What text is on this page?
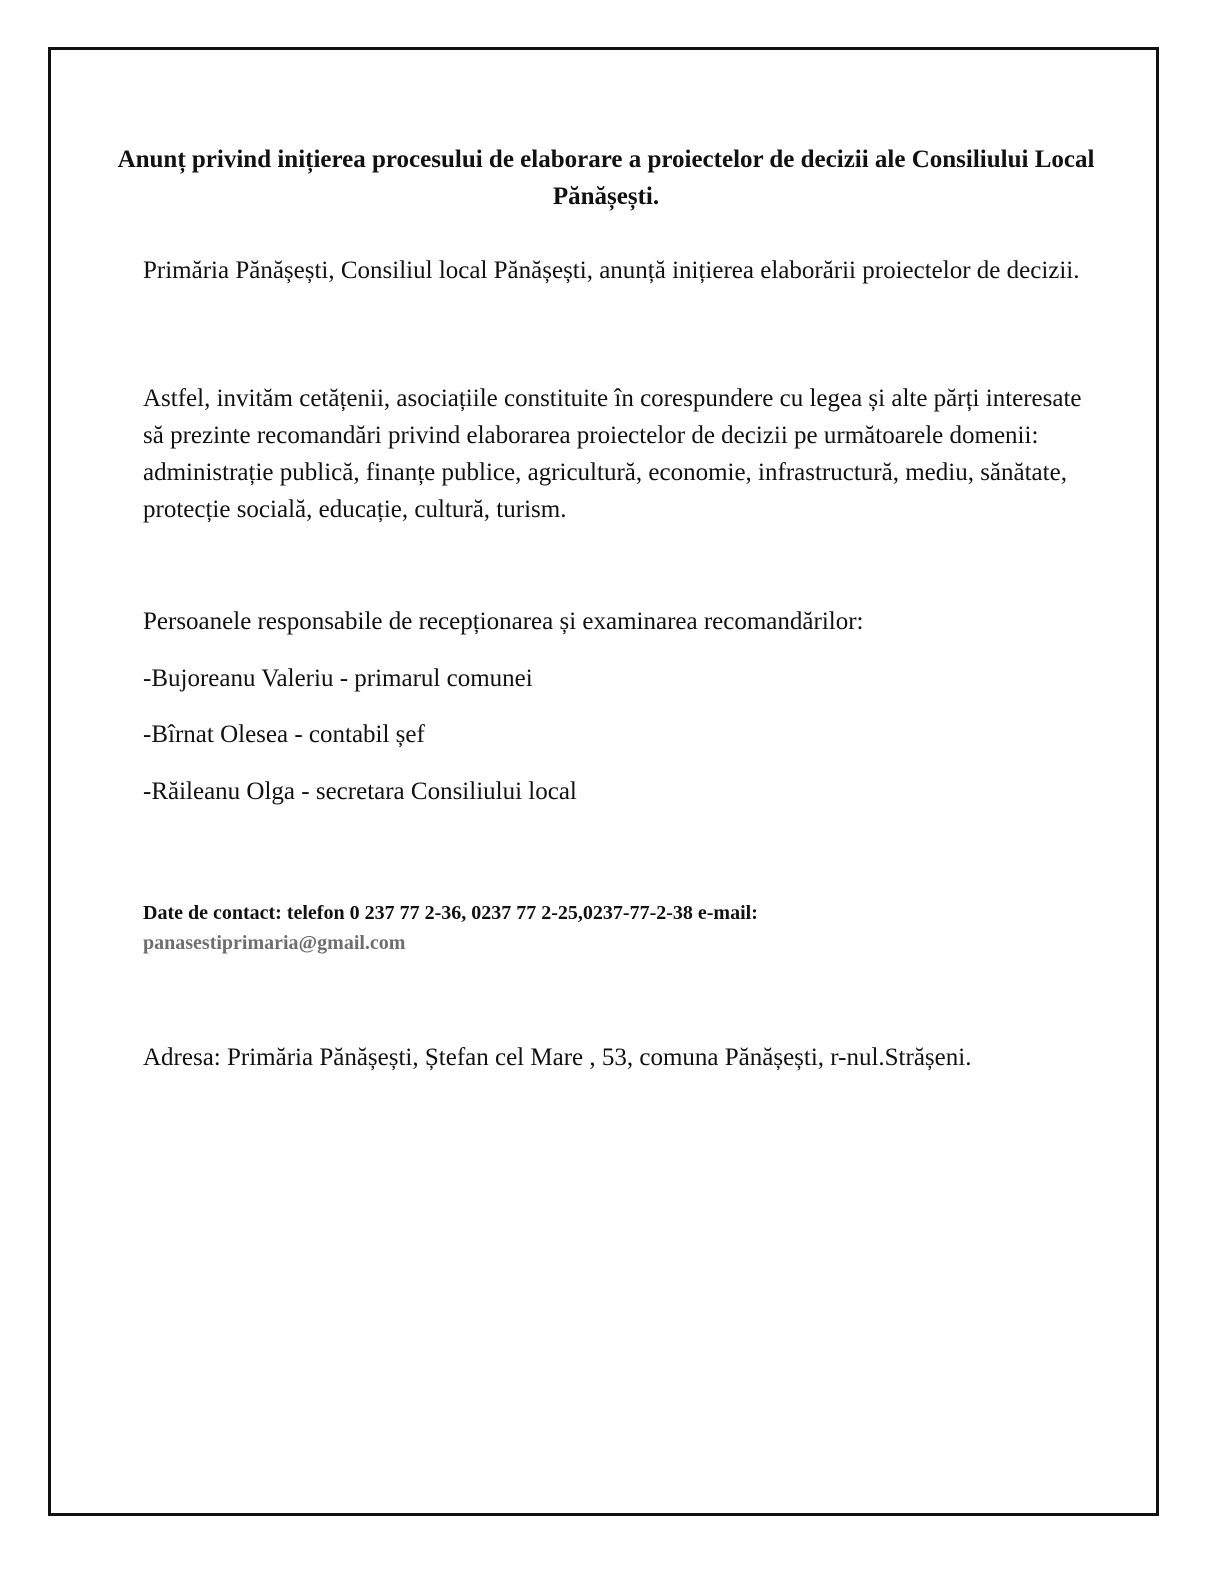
Anunț privind inițierea procesului de elaborare a proiectelor de decizii ale Consiliului Local Pănășești.

Primăria Pănășești, Consiliul local Pănășești, anunță inițierea elaborării proiectelor de decizii.

Astfel, invităm cetățenii, asociațiile constituite în corespundere cu legea și alte părți interesate să prezinte recomandări privind elaborarea proiectelor de decizii pe următoarele domenii: administrație publică, finanțe publice, agricultură, economie, infrastructură, mediu, sănătate, protecție socială, educație, cultură, turism.

Persoanele responsabile de recepționarea și examinarea recomandărilor:

-Bujoreanu Valeriu - primarul comunei

-Bîrnat Olesea - contabil șef

-Răileanu Olga - secretara Consiliului local

Date de contact: telefon 0 237 77 2-36, 0237 77 2-25,0237-77-2-38 e-mail:
panasestiprimaria@gmail.com

Adresa: Primăria Pănășești, Ștefan cel Mare , 53, comuna Pănășești, r-nul.Strășeni.
